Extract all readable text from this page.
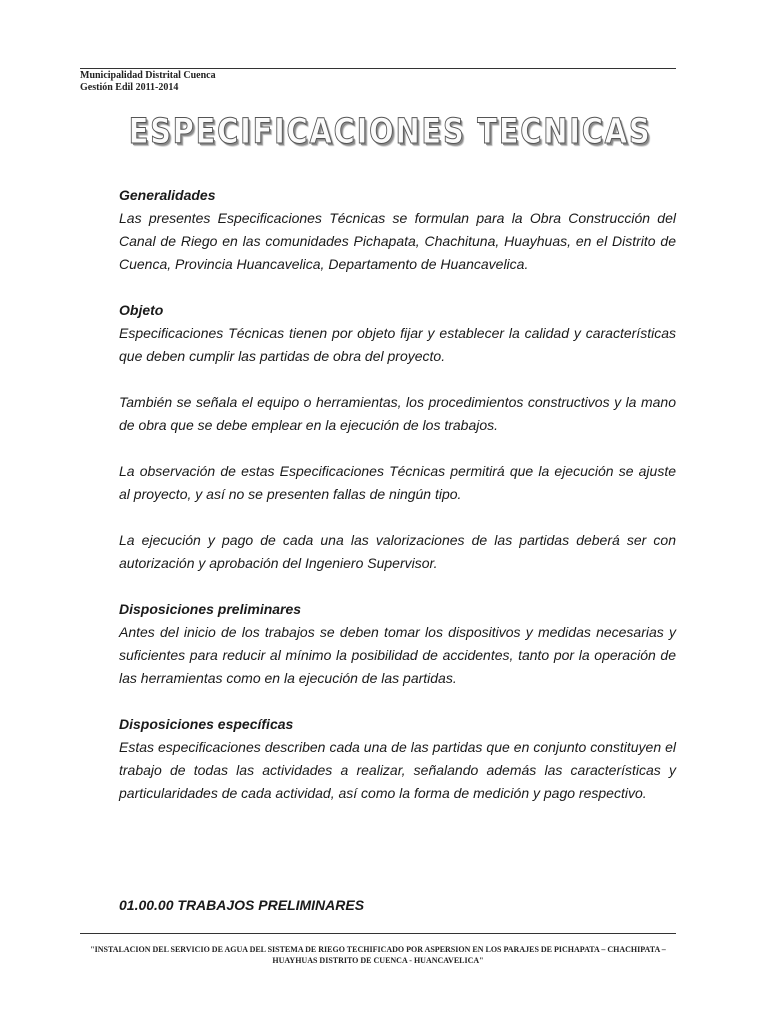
Municipalidad Distrital Cuenca
Gestión Edil 2011-2014
ESPECIFICACIONES TECNICAS

Generalidades

Las presentes Especificaciones Técnicas se formulan para la Obra Construcción del Canal de Riego en las comunidades Pichapata, Chachituna, Huayhuas, en el Distrito de Cuenca, Provincia Huancavelica, Departamento de Huancavelica.

Objeto

Especificaciones Técnicas tienen por objeto fijar y establecer la calidad y características que deben cumplir las partidas de obra del proyecto.

También se señala el equipo o herramientas, los procedimientos constructivos y la mano de obra que se debe emplear en la ejecución de los trabajos.

La observación de estas Especificaciones Técnicas permitirá que la ejecución se ajuste al proyecto, y así no se presenten fallas de ningún tipo.

La ejecución y pago de cada una las valorizaciones de las partidas deberá ser con autorización y aprobación del Ingeniero Supervisor.

Disposiciones preliminares

Antes del inicio de los trabajos se deben tomar los dispositivos y medidas necesarias y suficientes para reducir al mínimo la posibilidad de accidentes, tanto por la operación de las herramientas como en la ejecución de las partidas.

Disposiciones específicas

Estas especificaciones describen cada una de las partidas que en conjunto constituyen el trabajo de todas las actividades a realizar, señalando además las características y particularidades de cada actividad, así como la forma de medición y pago respectivo.

01.00.00 TRABAJOS PRELIMINARES
"INSTALACION DEL SERVICIO DE AGUA DEL SISTEMA DE RIEGO TECHIFICADO POR ASPERSION EN LOS PARAJES DE PICHAPATA – CHACHIPATA –
HUAYHUAS DISTRITO DE CUENCA - HUANCAVELICA"
